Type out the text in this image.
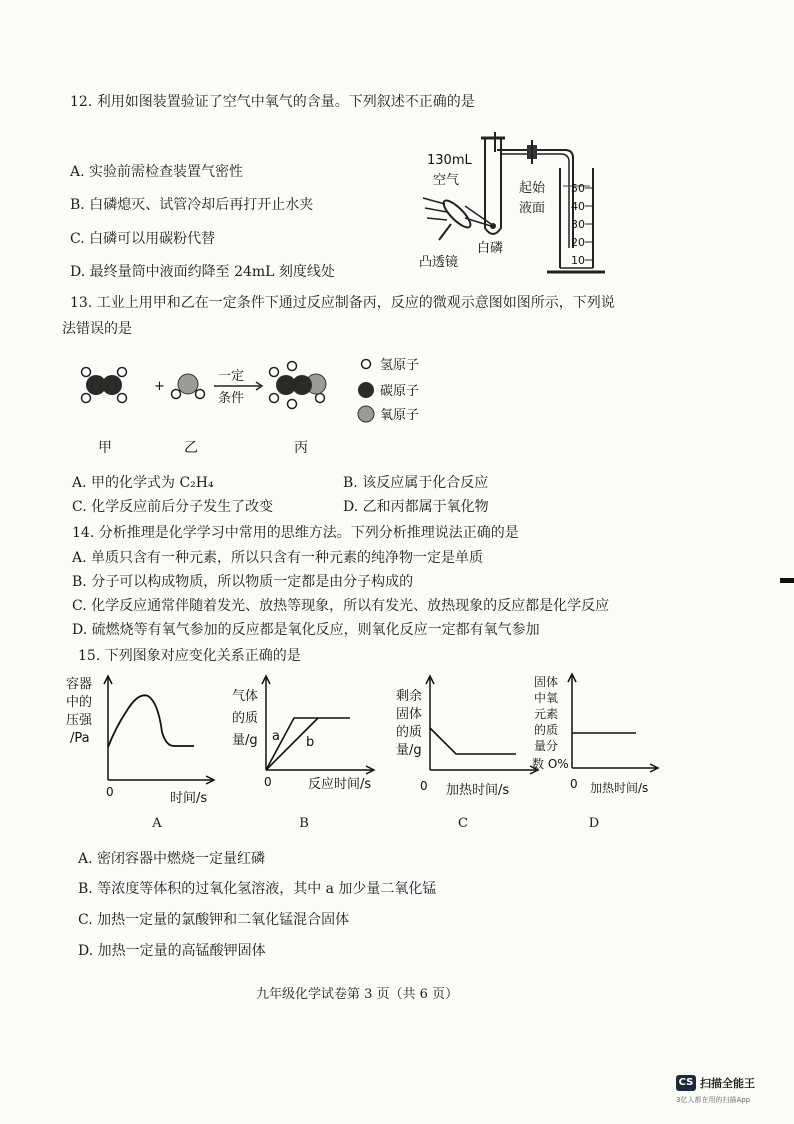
12. 利用如图装置验证了空气中氧气的含量。下列叙述不正确的是
A. 实验前需检查装置气密性
B. 白磷熄灭、试管冷却后再打开止水夹
C. 白磷可以用碳粉代替
D. 最终量筒中液面约降至 24mL 刻度线处
50
40
30
20
10
130mL
空气
起始
液面
白磷
凸透镜
13. 工业上用甲和乙在一定条件下通过反应制备丙，反应的微观示意图如图所示，下列说
法错误的是
+
一定
条件
氢原子
碳原子
氧原子
甲	乙	丙
A. 甲的化学式为 C₂H₄	B. 该反应属于化合反应
C. 化学反应前后分子发生了改变	D. 乙和丙都属于氧化物
14. 分析推理是化学学习中常用的思维方法。下列分析推理说法正确的是
A. 单质只含有一种元素，所以只含有一种元素的纯净物一定是单质
B. 分子可以构成物质，所以物质一定都是由分子构成的
C. 化学反应通常伴随着发光、放热等现象，所以有发光、放热现象的反应都是化学反应
D. 硫燃烧等有氧气参加的反应都是氧化反应，则氧化反应一定都有氧气参加
15. 下列图象对应变化关系正确的是
容器
中的
压强
/Pa
0	时间/s
A
气体
的质
量/g a b
0	反应时间/s
B
剩余
固体
的质
量/g
0 加热时间/s
C
固体
中氧
元素
的质
量分
数 O%
0 加热时间/s
D
A. 密闭容器中燃烧一定量红磷
B. 等浓度等体积的过氧化氢溶液，其中 a 加少量二氧化锰
C. 加热一定量的氯酸钾和二氧化锰混合固体
D. 加热一定量的高锰酸钾固体
九年级化学试卷第 3 页（共 6 页）
CS 扫描全能王
3亿人都在用的扫描App
